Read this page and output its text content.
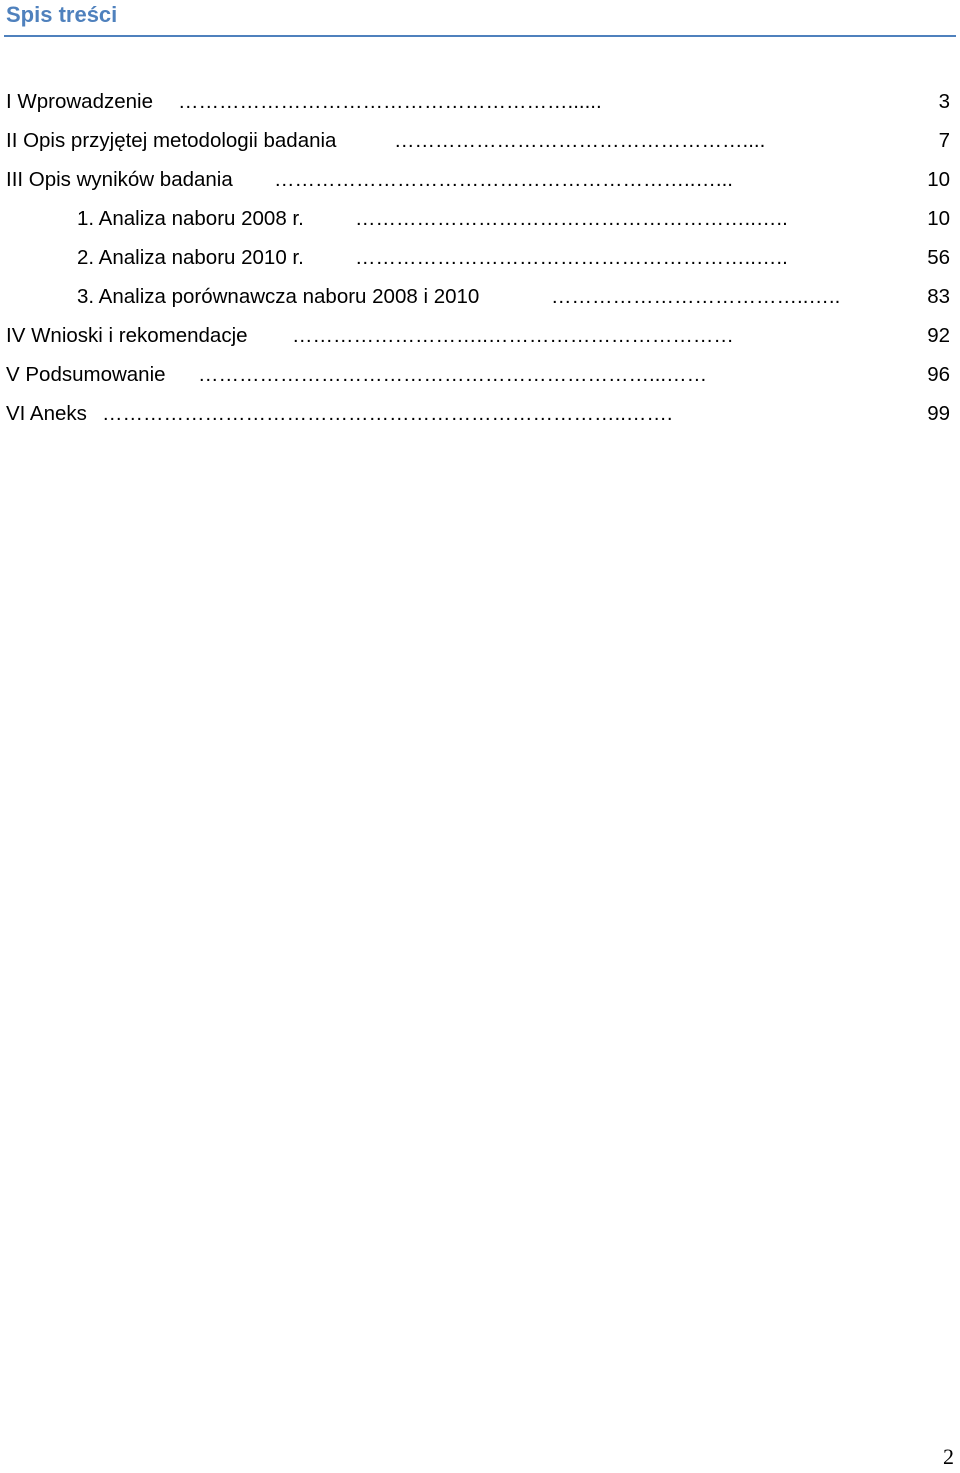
Spis treści
…………………………………………………......
I Wprowadzenie	3
……………………………………………....
II Opis przyjętej metodologii badania	7
……………………………………………………..…...
III Opis wyników badania	10
…………………………………………………..…..
1. Analiza naboru 2008 r.	10
…………………………………………………..…..
2. Analiza naboru 2010 r.	56
………………………………..…..
3. Analiza porównawcza naboru 2008 i 2010	83
………………………..………………………………
IV Wnioski i rekomendacje	92
…………………………………………………………...……
V Podsumowanie	96
…………………………………………………………………..…….
VI Aneks	99
2
